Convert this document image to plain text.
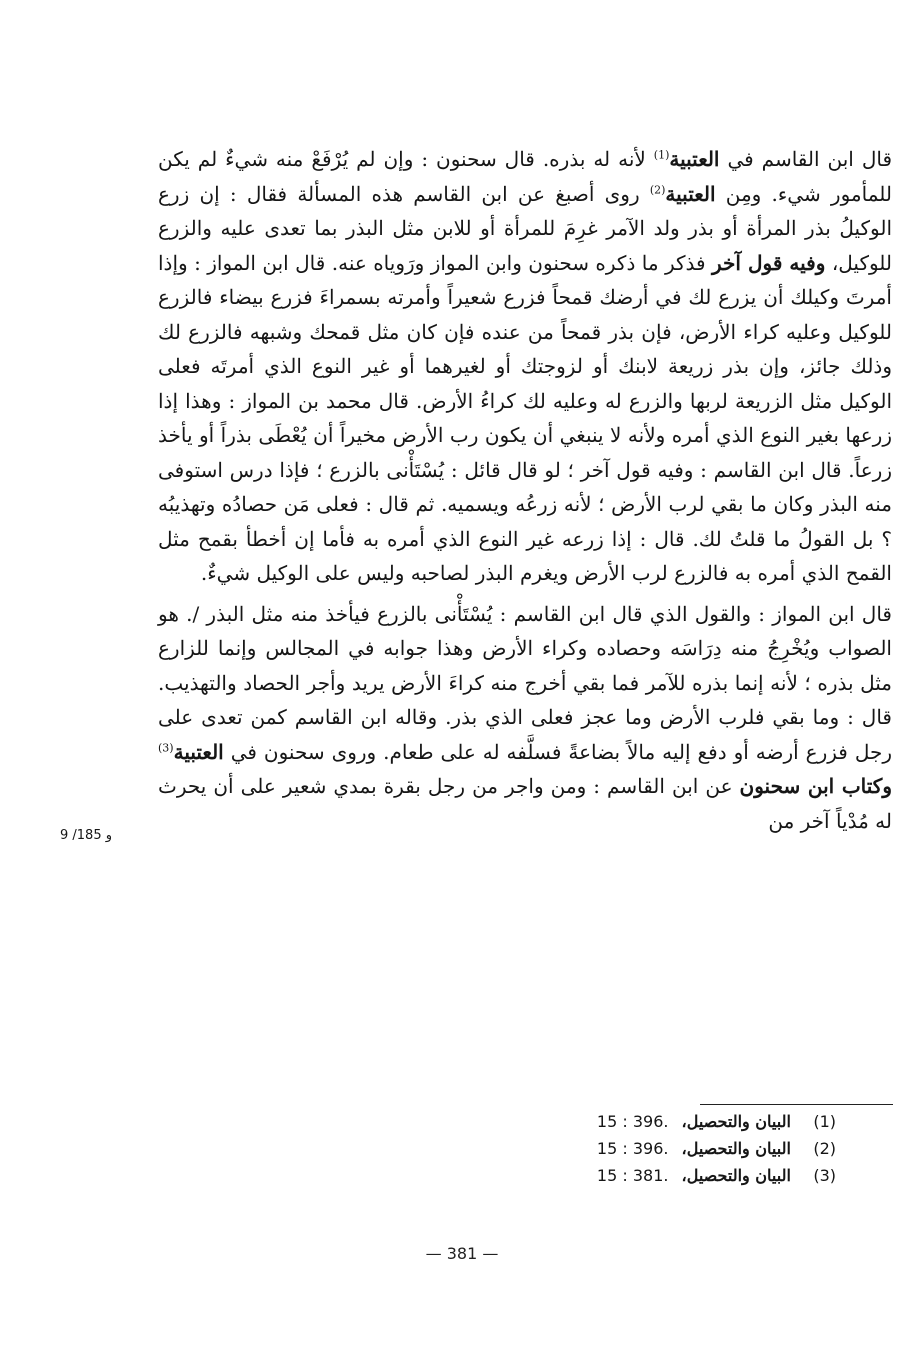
قال ابن القاسم في العتبية$^{(1)}$ لأنه له بذره. قال سحنون : وإن لم يُرْفَعْ منه شيءٌ لم يكن للمأمور شيء. ومِن العتبية$^{(2)}$ روى أصبغ عن ابن القاسم هذه المسألة فقال : إن زرع الوكيلُ بذر المرأة أو بذر ولد الآمر غرِمَ للمرأة أو للابن مثل البذر بما تعدى عليه والزرع للوكيل، وفيه قول آخر فذكر ما ذكره سحنون وابن المواز ورَوياه عنه. قال ابن المواز : وإذا أمرتَ وكيلك أن يزرع لك في أرضك قمحاً فزرع شعيراً وأمرته بسمراءَ فزرع بيضاء فالزرع للوكيل وعليه كراء الأرض، فإن بذر قمحاً من عنده فإن كان مثل قمحك وشبهه فالزرع لك وذلك جائز، وإن بذر زريعة لابنك أو لزوجتك أو لغيرهما أو غير النوع الذي أمرتَه فعلى الوكيل مثل الزريعة لربها والزرع له وعليه لك كراءُ الأرض. قال محمد بن المواز : وهذا إذا زرعها بغير النوع الذي أمره ولأنه لا ينبغي أن يكون رب الأرض مخيراً أن يُعْطَى بذراً أو يأخذ زرعاً. قال ابن القاسم : وفيه قول آخر ؛ لو قال قائل : يُسْتَأْنى بالزرع ؛ فإذا درس استوفى منه البذر وكان ما بقي لرب الأرض ؛ لأنه زرعُه ويسميه. ثم قال : فعلى مَن حصادُه وتهذيبُه ؟ بل القولُ ما قلتُ لك. قال : إذا زرعه غير النوع الذي أمره به فأما إن أخطأ بقمح مثل القمح الذي أمره به فالزرع لرب الأرض ويغرم البذر لصاحبه وليس على الوكيل شيءٌ.

قال ابن المواز : والقول الذي قال ابن القاسم : يُسْتَأْنى بالزرع فيأخذ منه مثل البذر /. هو الصواب ويُخْرِجُ منه دِرَاسَه وحصاده وكراء الأرض وهذا جوابه في المجالس وإنما للزارع مثل بذره ؛ لأنه إنما بذره للآمر فما بقي أخرج منه كراءَ الأرض يريد وأجر الحصاد والتهذيب. قال : وما بقي فلرب الأرض وما عجز فعلى الذي بذر. وقاله ابن القاسم كمن تعدى على رجل فزرع أرضه أو دفع إليه مالاً بضاعةً فسلَّفه له على طعام. وروى سحنون في العتبية$^{(3)}$ وكتاب ابن سحنون عن ابن القاسم : ومن واجر من رجل بقرة بمدي شعير على أن يحرث له مُدْياً آخر من

9 /185 و
(1) البيان والتحصيل، 15 : 396.
(2) البيان والتحصيل، 15 : 396.
(3) البيان والتحصيل، 15 : 381.
— 381 —
